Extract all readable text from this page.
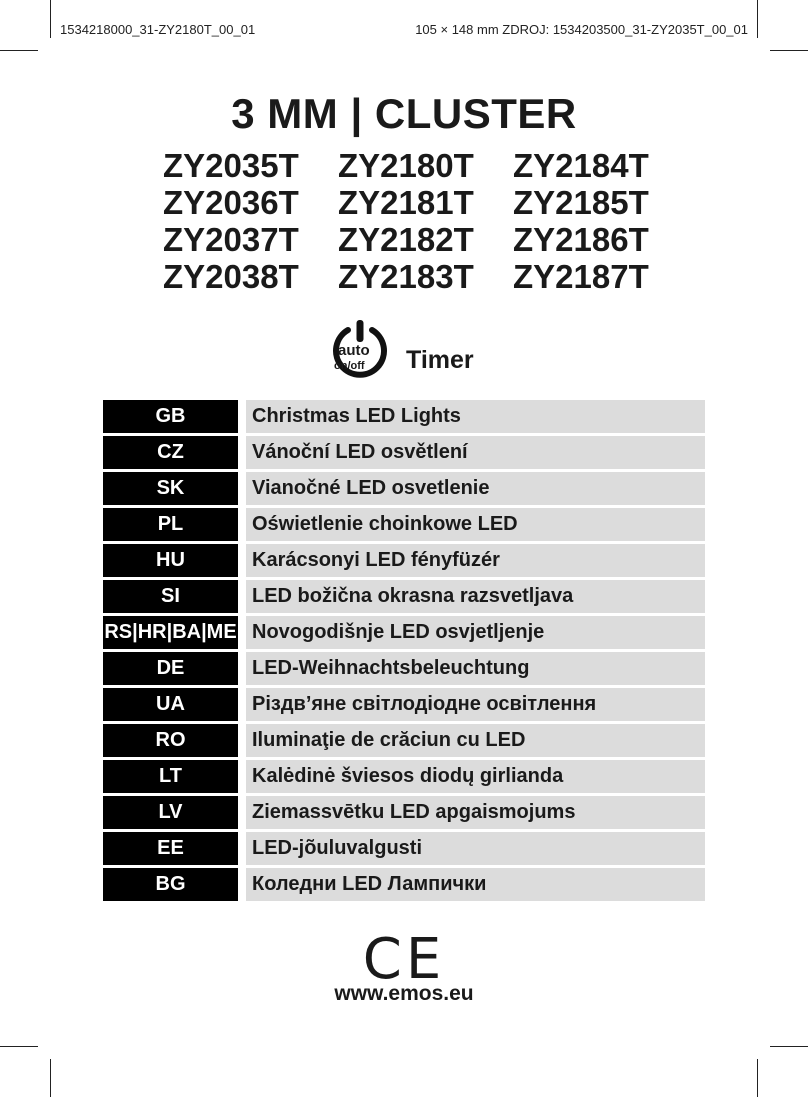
1534218000_31-ZY2180T_00_01	105 × 148 mm ZDROJ: 1534203500_31-ZY2035T_00_01
3 MM | CLUSTER
ZY2035T	ZY2180T	ZY2184T
ZY2036T	ZY2181T	ZY2185T
ZY2037T	ZY2182T	ZY2186T
ZY2038T	ZY2183T	ZY2187T
auto
on/off Timer
GB	Christmas LED Lights
CZ	Vánoční LED osvětlení
SK	Vianočné LED osvetlenie
PL	Oświetlenie choinkowe LED
HU	Karácsonyi LED fényfüzér
SI	LED božična okrasna razsvetljava
RS|HR|BA|ME Novogodišnje LED osvjetljenje
DE	LED-Weihnachtsbeleuchtung
UA	Різдв’яне світлодіодне освітлення
RO	Iluminaţie de crăciun cu LED
LT	Kalėdinė šviesos diodų girlianda
LV	Ziemassvētku LED apgaismojums
EE	LED-jõuluvalgusti
BG	Коледни LED Лампички
CE
www.emos.eu
